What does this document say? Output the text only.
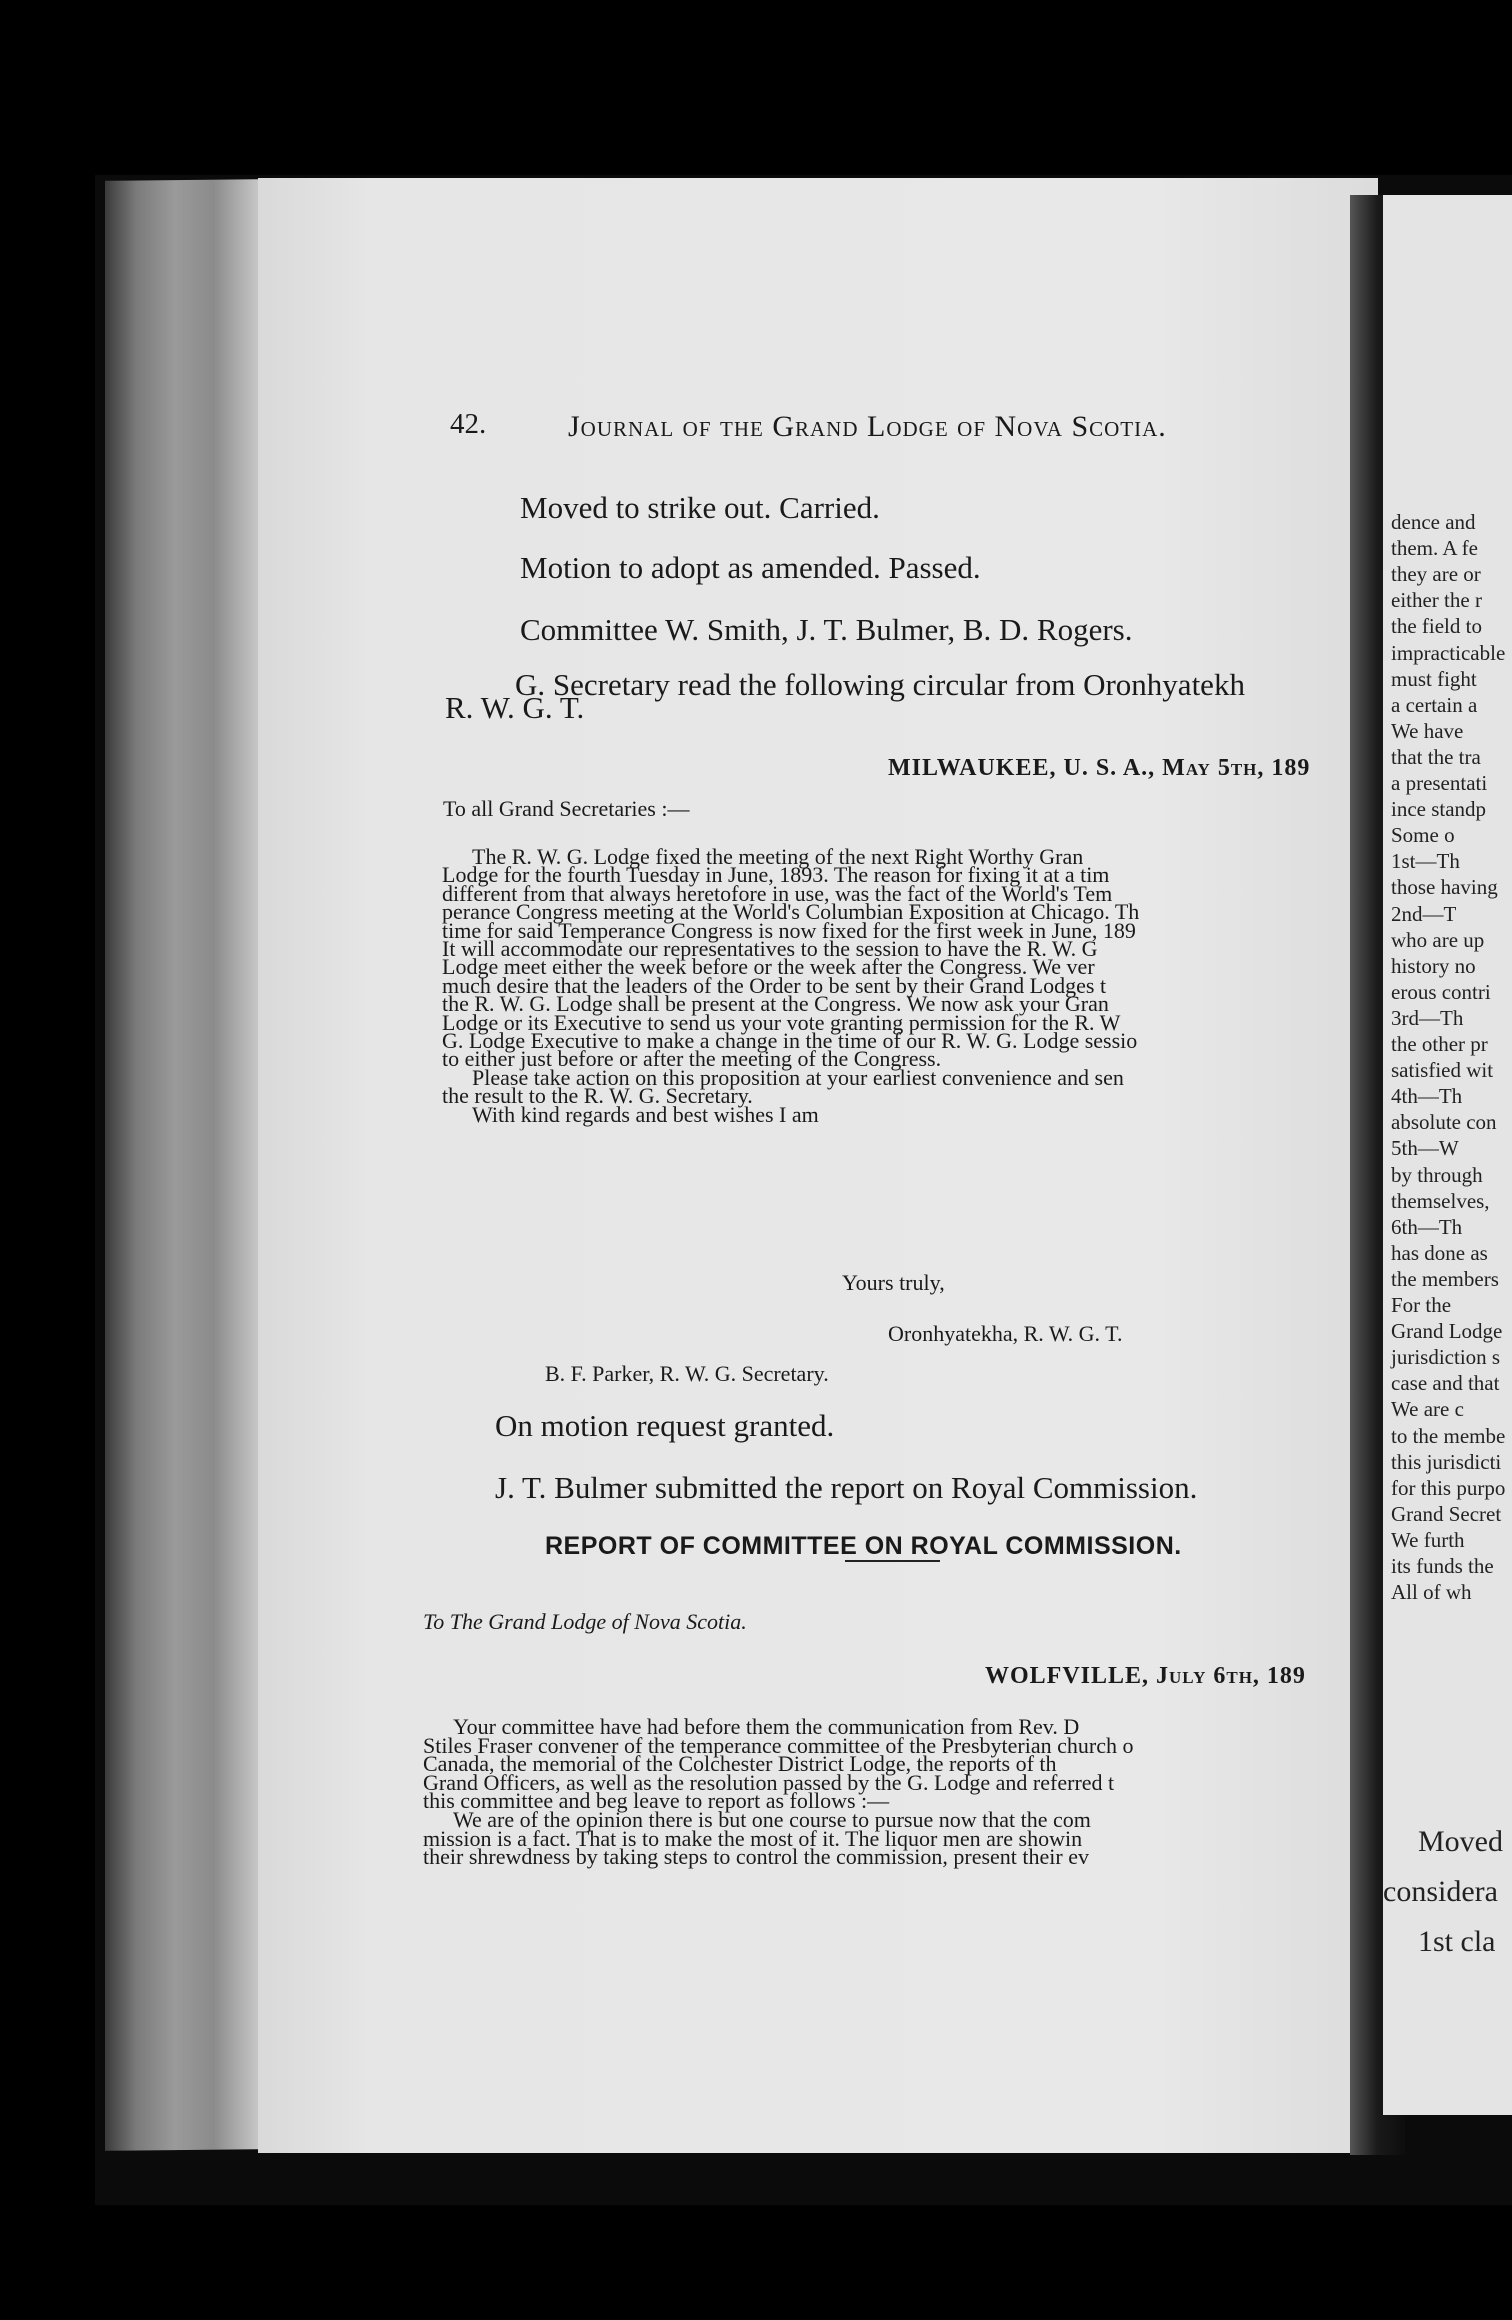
dence and
them. A fe
they are or
either the r
the field to
impracticable
must fight
a certain a
We have
that the tra
a presentati
ince standp
Some o
1st—Th
those having
2nd—T
who are up
history no
erous contri
3rd—Th
the other pr
satisfied wit
4th—Th
absolute con
5th—W
by through
themselves,
6th—Th
has done as
the members
For the
Grand Lodge
jurisdiction s
case and that
We are c
to the membe
this jurisdicti
for this purpo
Grand Secret
We furth
its funds the
All of wh
Moved
considera
1st cla
42.	Journal of the Grand Lodge of Nova Scotia.
Moved to strike out. Carried.
Motion to adopt as amended. Passed.
Committee W. Smith, J. T. Bulmer, B. D. Rogers.
G. Secretary read the following circular from Oronhyatekh
R. W. G. T.
MILWAUKEE, U. S. A., May 5th, 189
To all Grand Secretaries :—
The R. W. G. Lodge fixed the meeting of the next Right Worthy Gran
Lodge for the fourth Tuesday in June, 1893. The reason for fixing it at a tim
different from that always heretofore in use, was the fact of the World's Tem
perance Congress meeting at the World's Columbian Exposition at Chicago. Th
time for said Temperance Congress is now fixed for the first week in June, 189
It will accommodate our representatives to the session to have the R. W. G
Lodge meet either the week before or the week after the Congress. We ver
much desire that the leaders of the Order to be sent by their Grand Lodges t
the R. W. G. Lodge shall be present at the Congress. We now ask your Gran
Lodge or its Executive to send us your vote granting permission for the R. W
G. Lodge Executive to make a change in the time of our R. W. G. Lodge sessio
to either just before or after the meeting of the Congress.
Please take action on this proposition at your earliest convenience and sen
the result to the R. W. G. Secretary.
With kind regards and best wishes I am
Yours truly,
Oronhyatekha, R. W. G. T.
B. F. Parker, R. W. G. Secretary.
On motion request granted.
J. T. Bulmer submitted the report on Royal Commission.
REPORT OF COMMITTEE ON ROYAL COMMISSION.
To The Grand Lodge of Nova Scotia.
WOLFVILLE, July 6th, 189
Your committee have had before them the communication from Rev. D
Stiles Fraser convener of the temperance committee of the Presbyterian church o
Canada, the memorial of the Colchester District Lodge, the reports of th
Grand Officers, as well as the resolution passed by the G. Lodge and referred t
this committee and beg leave to report as follows :—
We are of the opinion there is but one course to pursue now that the com
mission is a fact. That is to make the most of it. The liquor men are showin
their shrewdness by taking steps to control the commission, present their ev
